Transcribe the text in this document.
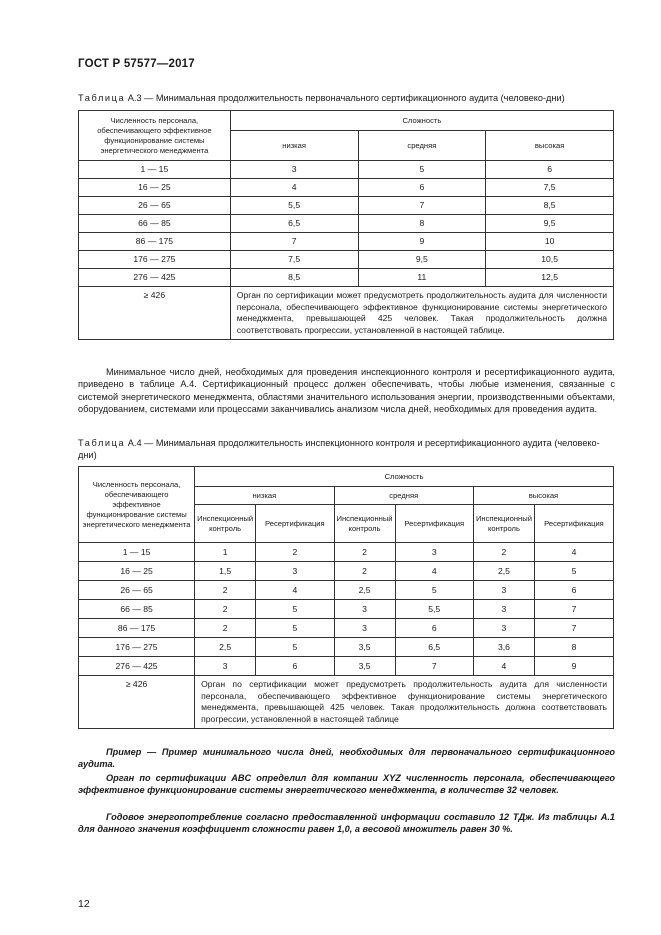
ГОСТ Р 57577—2017
Таблица А.3 — Минимальная продолжительность первоначального сертификационного аудита (человеко-дни)
Численность персонала, обеспечивающего эффективное функционирование системы энергетического менеджмента	Сложность		
	низкая	средняя	высокая
1 — 15	3	5	6
16 — 25	4	6	7,5
26 — 65	5,5	7	8,5
66 — 85	6,5	8	9,5
86 — 175	7	9	10
176 — 275	7,5	9,5	10,5
276 — 425	8,5	11	12,5
≥ 426	Орган по сертификации может предусмотреть продолжительность аудита для численности персонала, обеспечивающего эффективное функционирование системы энергетического менеджмента, превышающей 425 человек. Такая продолжительность должна соответствовать прогрессии, установленной в настоящей таблице.		
Минимальное число дней, необходимых для проведения инспекционного контроля и ресертификационного аудита, приведено в таблице А.4. Сертификационный процесс должен обеспечивать, чтобы любые изменения, связанные с системой энергетического менеджмента, областями значительного использования энергии, производственными объектами, оборудованием, системами или процессами заканчивались анализом числа дней, необходимых для проведения аудита.
Таблица А.4 — Минимальная продолжительность инспекционного контроля и ресертификационного аудита (человеко-дни)
Численность персонала, обеспечивающего эффективное функционирование системы энергетического менеджмента	Сложность					
	низкая		средняя		высокая	
	Инспекционный контроль	Ресертификация	Инспекционный контроль	Ресертификация	Инспекционный контроль	Ресертификация
1 — 15	1	2	2	3	2	4
16 — 25	1,5	3	2	4	2,5	5
26 — 65	2	4	2,5	5	3	6
66 — 85	2	5	3	5,5	3	7
86 — 175	2	5	3	6	3	7
176 — 275	2,5	5	3,5	6,5	3,6	8
276 — 425	3	6	3,5	7	4	9
≥ 426	Орган по сертификации может предусмотреть продолжительность аудита для численности персонала, обеспечивающего эффективное функционирование системы энергетического менеджмента, превышающей 425 человек. Такая продолжительность должна соответствовать прогрессии, установленной в настоящей таблице					
Пример — Пример минимального числа дней, необходимых для первоначального сертификационного аудита.
Орган по сертификации ABC определил для компании XYZ численность персонала, обеспечивающего эффективное функционирование системы энергетического менеджмента, в количестве 32 человек.
Годовое энергопотребление согласно предоставленной информации составило 12 ТДж. Из таблицы А.1 для данного значения коэффициент сложности равен 1,0, а весовой множитель равен 30 %.
12
